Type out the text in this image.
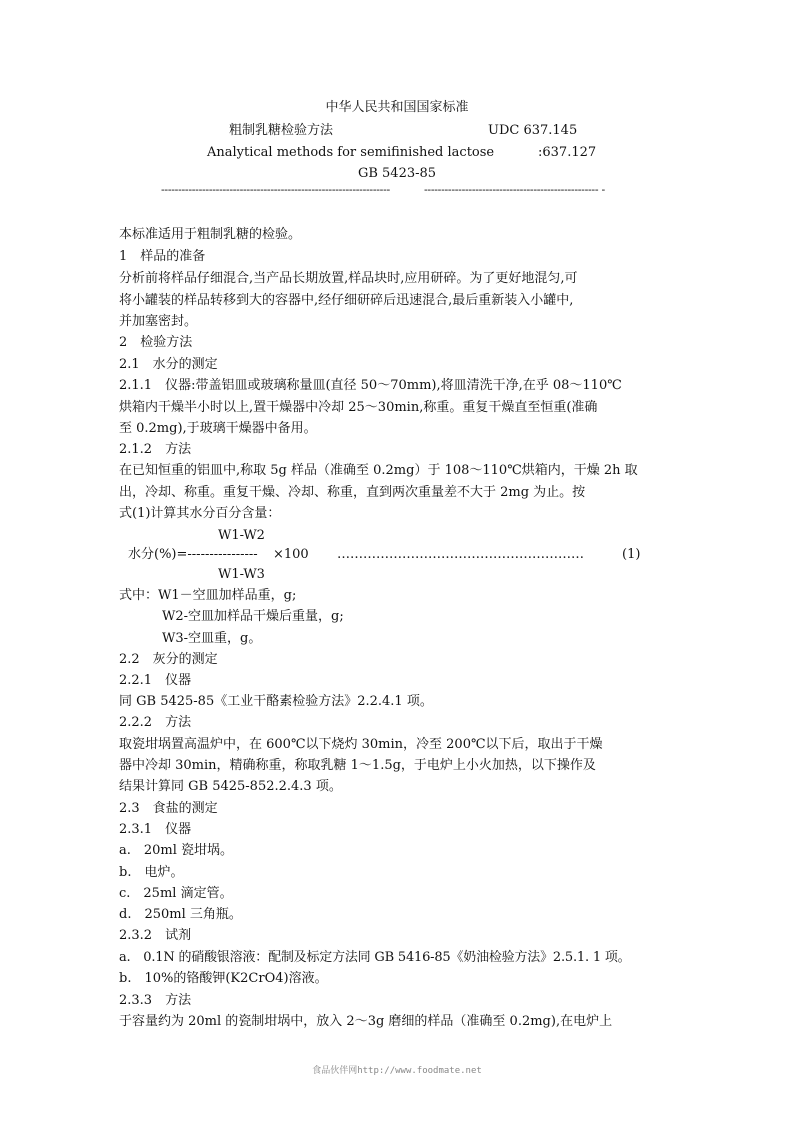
中华人民共和国国家标准
粗制乳糖检验方法	UDC 637.145
Analytical methods for semifinished lactose	:637.127
GB 5423-85
-------------------------------------------------------------------	--------------------------------------------------- -
本标准适用于粗制乳糖的检验。
1　样品的准备
分析前将样品仔细混合,当产品长期放置,样品块时,应用研碎。为了更好地混匀,可
将小罐装的样品转移到大的容器中,经仔细研碎后迅速混合,最后重新装入小罐中,
并加塞密封。
2　检验方法
2.1　水分的测定
2.1.1　仪器:带盖铝皿或玻璃称量皿(直径 50～70mm),将皿清洗干净,在乎 08～110℃
烘箱内干燥半小时以上,置干燥器中冷却 25～30min,称重。重复干燥直至恒重(准确
至 0.2mg),于玻璃干燥器中备用。
2.1.2　方法
在已知恒重的铝皿中,称取 5g 样品（准确至 0.2mg）于 108～110℃烘箱内，干燥 2h 取
出，冷却、称重。重复干燥、冷却、称重，直到两次重量差不大于 2mg 为止。按
式(1)计算其水分百分含量：
W1-W2
水分(%)=---------------- ×100 …………………………………………………	(1)
W1-W3
式中：W1－空皿加样品重，g;
W2-空皿加样品干燥后重量，g;
W3-空皿重，g。
2.2　灰分的测定
2.2.1　仪器
同 GB 5425-85《工业干酪素检验方法》2.2.4.1 项。
2.2.2　方法
取瓷坩埚置高温炉中，在 600℃以下烧灼 30min，冷至 200℃以下后，取出于干燥
器中冷却 30min，精确称重，称取乳糖 1～1.5g，于电炉上小火加热，以下操作及
结果计算同 GB 5425-852.2.4.3 项。
2.3　食盐的测定
2.3.1　仪器
a.　20ml 瓷坩埚。
b.　电炉。
c.　25ml 滴定管。
d.　250ml 三角瓶。
2.3.2　试剂
a.　0.1N 的硝酸银溶液：配制及标定方法同 GB 5416-85《奶油检验方法》2.5.1. 1 项。
b.　10%的铬酸钾(K2CrO4)溶液。
2.3.3　方法
于容量约为 20ml 的瓷制坩埚中，放入 2～3g 磨细的样品（准确至 0.2mg),在电炉上
食品伙伴网http://www.foodmate.net
